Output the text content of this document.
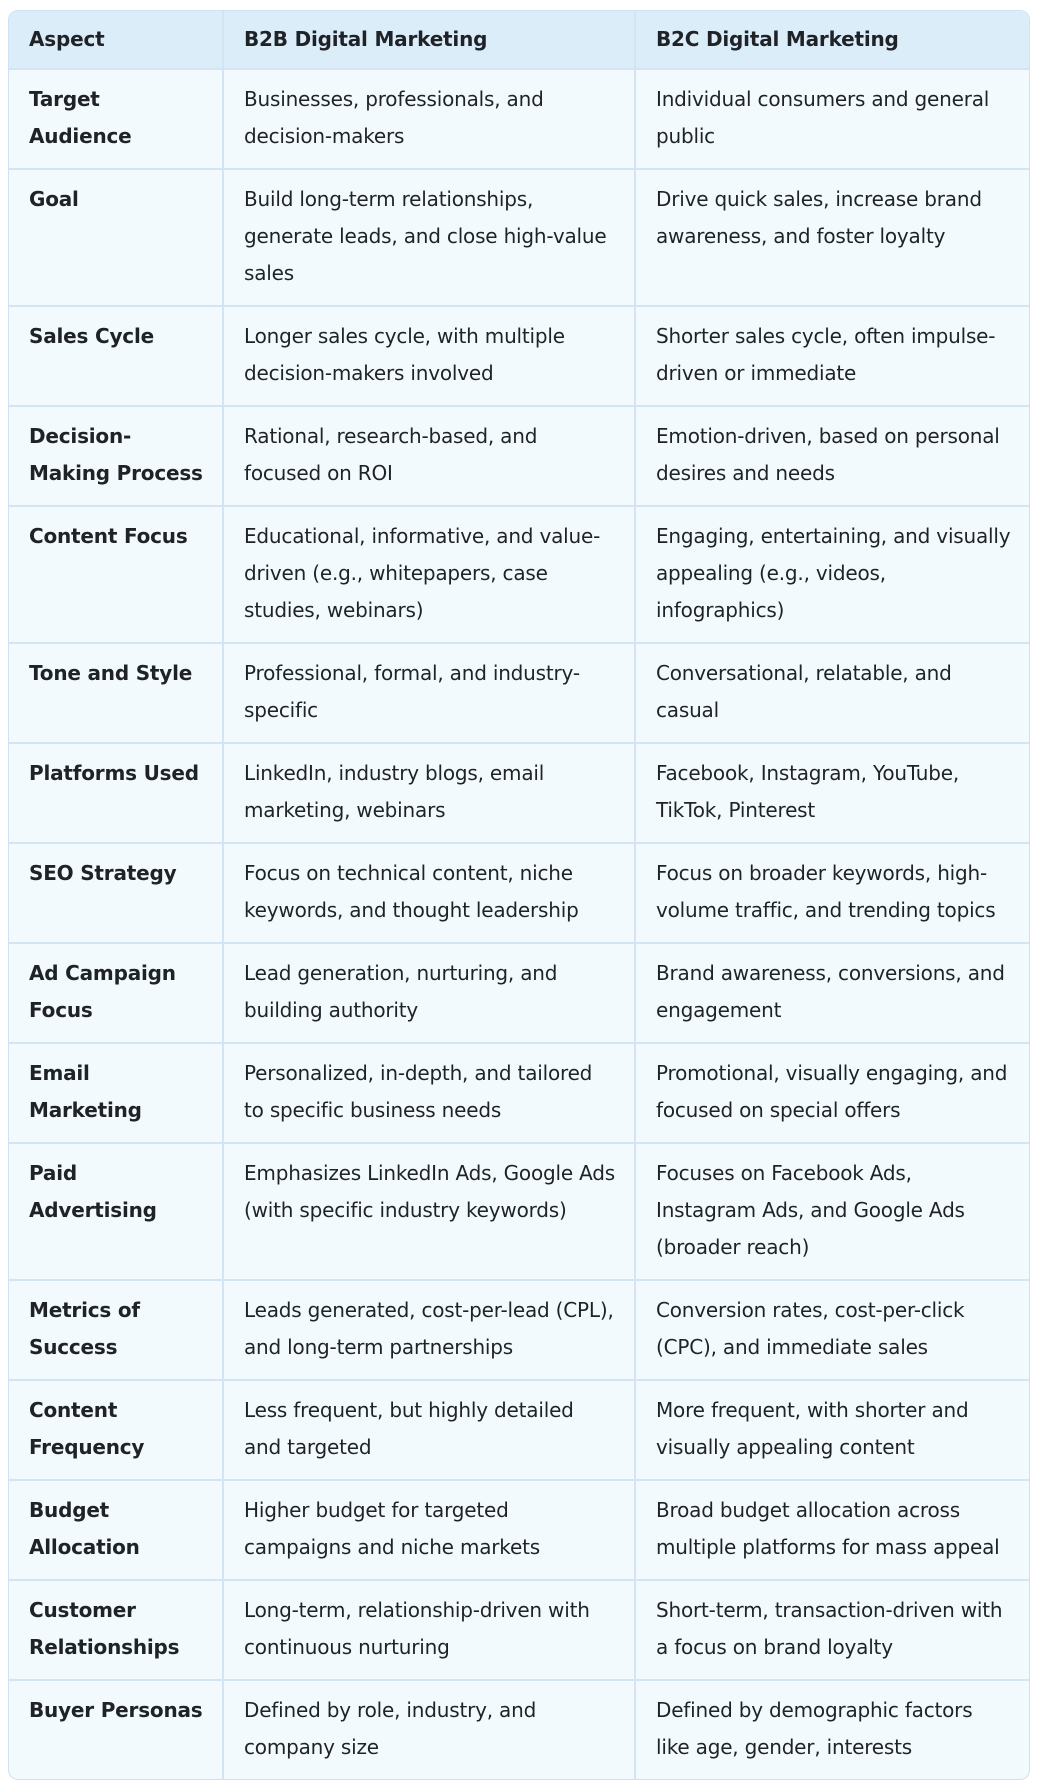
Aspect	B2B Digital Marketing	B2C Digital Marketing
Target Audience	Businesses, professionals, and decision-makers	Individual consumers and general public
Goal	Build long-term relationships, generate leads, and close high-value sales	Drive quick sales, increase brand awareness, and foster loyalty
Sales Cycle	Longer sales cycle, with multiple decision-makers involved	Shorter sales cycle, often impulse-driven or immediate
Decision-Making Process	Rational, research-based, and focused on ROI	Emotion-driven, based on personal desires and needs
Content Focus	Educational, informative, and value-driven (e.g., whitepapers, case studies, webinars)	Engaging, entertaining, and visually appealing (e.g., videos, infographics)
Tone and Style	Professional, formal, and industry-specific	Conversational, relatable, and casual
Platforms Used	LinkedIn, industry blogs, email marketing, webinars	Facebook, Instagram, YouTube, TikTok, Pinterest
SEO Strategy	Focus on technical content, niche keywords, and thought leadership	Focus on broader keywords, high-volume traffic, and trending topics
Ad Campaign Focus	Lead generation, nurturing, and building authority	Brand awareness, conversions, and engagement
Email Marketing	Personalized, in-depth, and tailored to specific business needs	Promotional, visually engaging, and focused on special offers
Paid Advertising	Emphasizes LinkedIn Ads, Google Ads (with specific industry keywords)	Focuses on Facebook Ads, Instagram Ads, and Google Ads (broader reach)
Metrics of Success	Leads generated, cost-per-lead (CPL), and long-term partnerships	Conversion rates, cost-per-click (CPC), and immediate sales
Content Frequency	Less frequent, but highly detailed and targeted	More frequent, with shorter and visually appealing content
Budget Allocation	Higher budget for targeted campaigns and niche markets	Broad budget allocation across multiple platforms for mass appeal
Customer Relationships	Long-term, relationship-driven with continuous nurturing	Short-term, transaction-driven with a focus on brand loyalty
Buyer Personas	Defined by role, industry, and company size	Defined by demographic factors like age, gender, interests
